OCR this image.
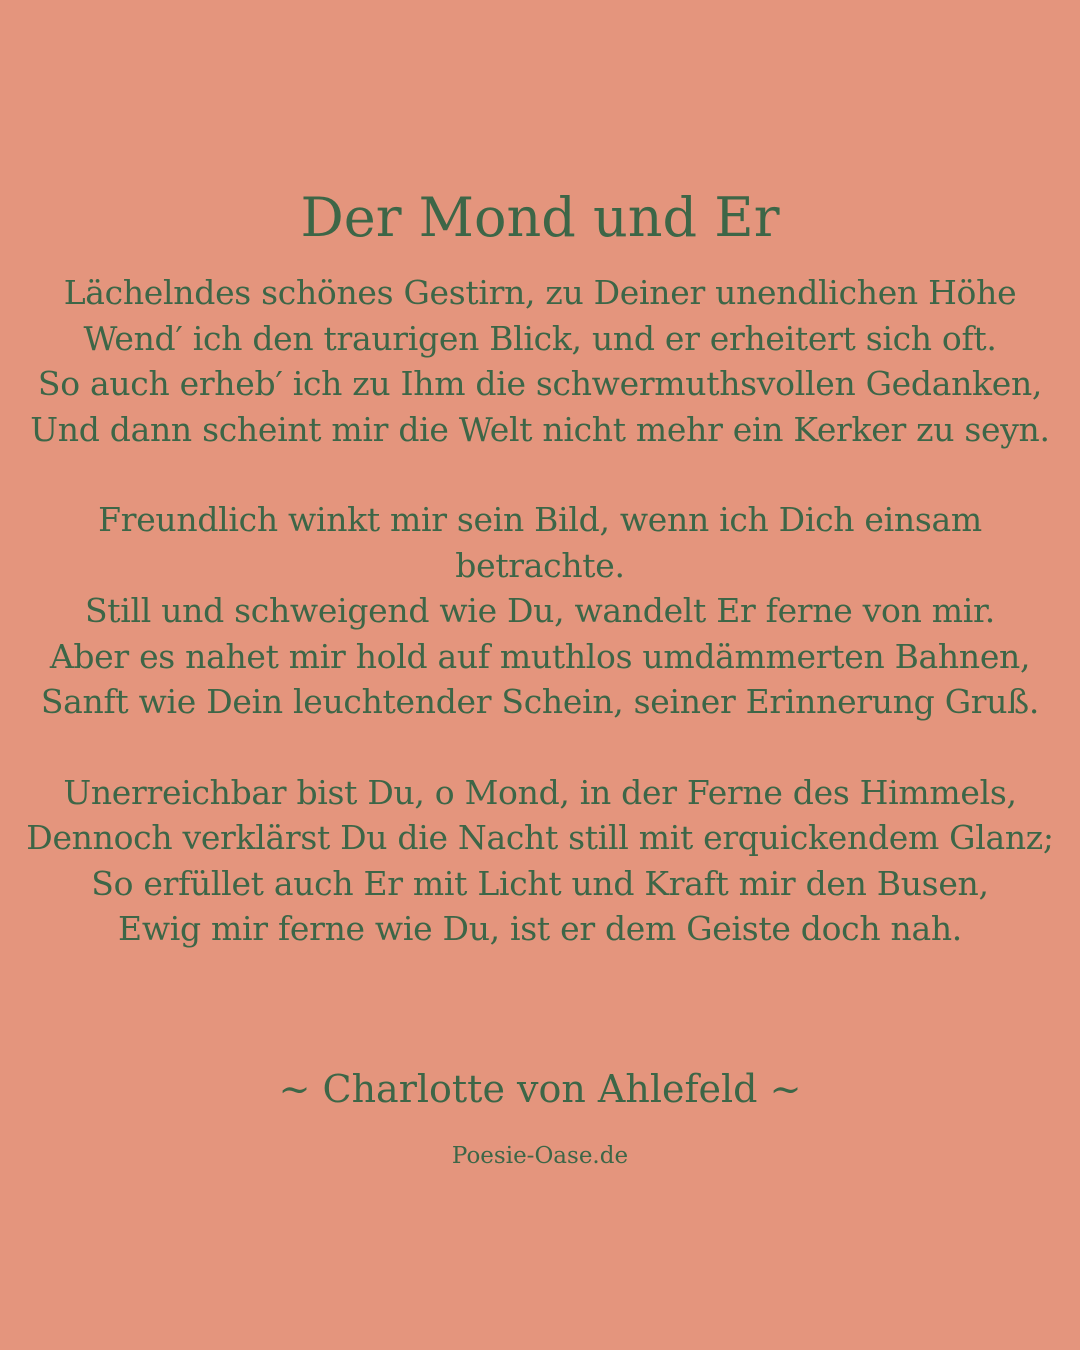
Der Mond und Er
Lächelndes schönes Gestirn, zu Deiner unendlichen Höhe
Wend′ ich den traurigen Blick, und er erheitert sich oft.
So auch erheb′ ich zu Ihm die schwermuthsvollen Gedanken,
Und dann scheint mir die Welt nicht mehr ein Kerker zu seyn.
Freundlich winkt mir sein Bild, wenn ich Dich einsam betrachte.
Still und schweigend wie Du, wandelt Er ferne von mir.
Aber es nahet mir hold auf muthlos umdämmerten Bahnen,
Sanft wie Dein leuchtender Schein, seiner Erinnerung Gruß.
Unerreichbar bist Du, o Mond, in der Ferne des Himmels,
Dennoch verklärst Du die Nacht still mit erquickendem Glanz;
So erfüllet auch Er mit Licht und Kraft mir den Busen,
Ewig mir ferne wie Du, ist er dem Geiste doch nah.
~ Charlotte von Ahlefeld ~
Poesie-Oase.de
